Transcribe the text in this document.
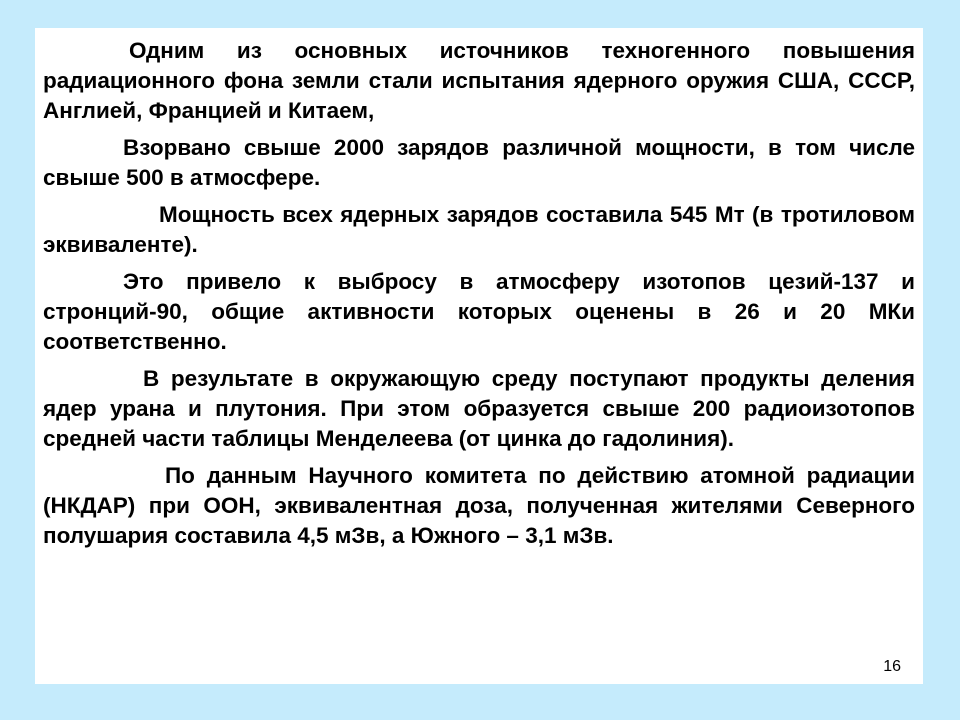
Одним из основных источников техногенного повышения радиационного фона земли стали испытания ядерного оружия США, СССР, Англией, Францией и Китаем,

Взорвано свыше 2000 зарядов различной мощности, в том числе свыше 500 в атмосфере.

Мощность всех ядерных зарядов составила 545 Мт (в тротиловом эквиваленте).

Это привело к выбросу в атмосферу изотопов цезий-137 и стронций-90, общие активности которых оценены в 26 и 20 МКи соответственно.

В результате в окружающую среду поступают продукты деления ядер урана и плутония. При этом образуется свыше 200 радиоизотопов средней части таблицы Менделеева (от цинка до гадолиния).

По данным Научного комитета по действию атомной радиации (НКДАР) при ООН, эквивалентная доза, полученная жителями Северного полушария составила 4,5 мЗв, а Южного – 3,1 мЗв.

16
